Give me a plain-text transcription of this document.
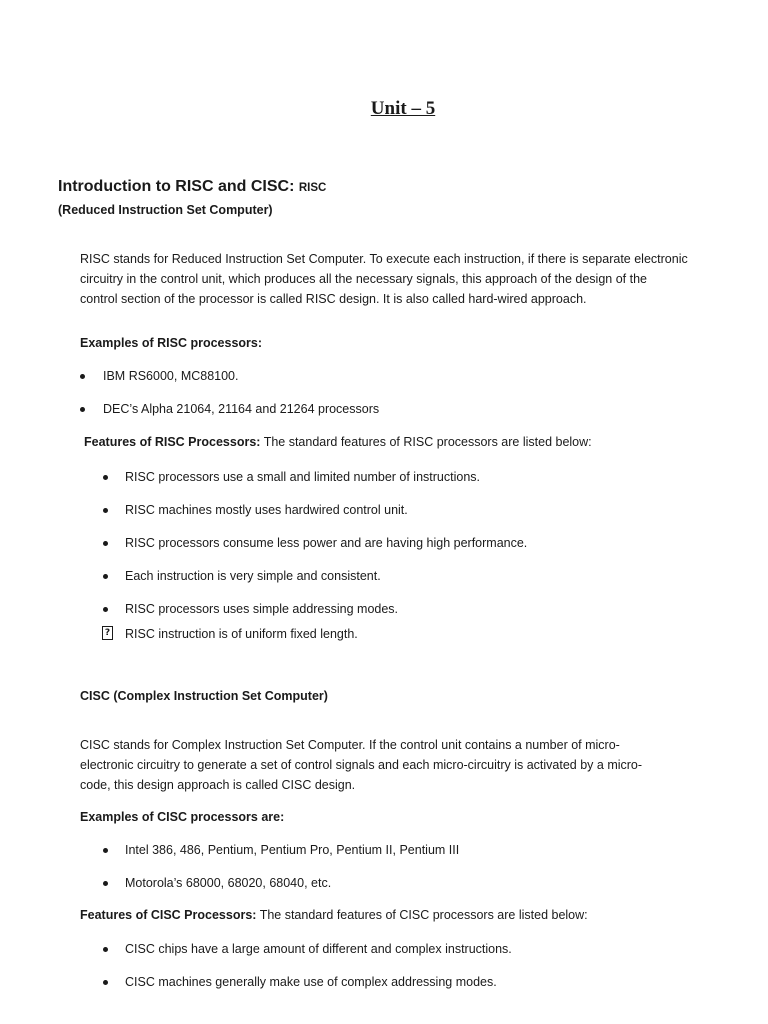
Unit – 5
Introduction to RISC and CISC: RISC
(Reduced Instruction Set Computer)
RISC stands for Reduced Instruction Set Computer. To execute each instruction, if there is separate electronic
circuitry in the control unit, which produces all the necessary signals, this approach of the design of the
control section of the processor is called RISC design. It is also called hard-wired approach.
Examples of RISC processors:
IBM RS6000, MC88100.
DEC’s Alpha 21064, 21164 and 21264 processors
Features of RISC Processors: The standard features of RISC processors are listed below:
RISC processors use a small and limited number of instructions.
RISC machines mostly uses hardwired control unit.
RISC processors consume less power and are having high performance.
Each instruction is very simple and consistent.
RISC processors uses simple addressing modes.
? RISC instruction is of uniform fixed length.
CISC (Complex Instruction Set Computer)
CISC stands for Complex Instruction Set Computer. If the control unit contains a number of micro-
electronic circuitry to generate a set of control signals and each micro-circuitry is activated by a micro-
code, this design approach is called CISC design.
Examples of CISC processors are:
Intel 386, 486, Pentium, Pentium Pro, Pentium II, Pentium III
Motorola’s 68000, 68020, 68040, etc.
Features of CISC Processors: The standard features of CISC processors are listed below:
CISC chips have a large amount of different and complex instructions.
CISC machines generally make use of complex addressing modes.
